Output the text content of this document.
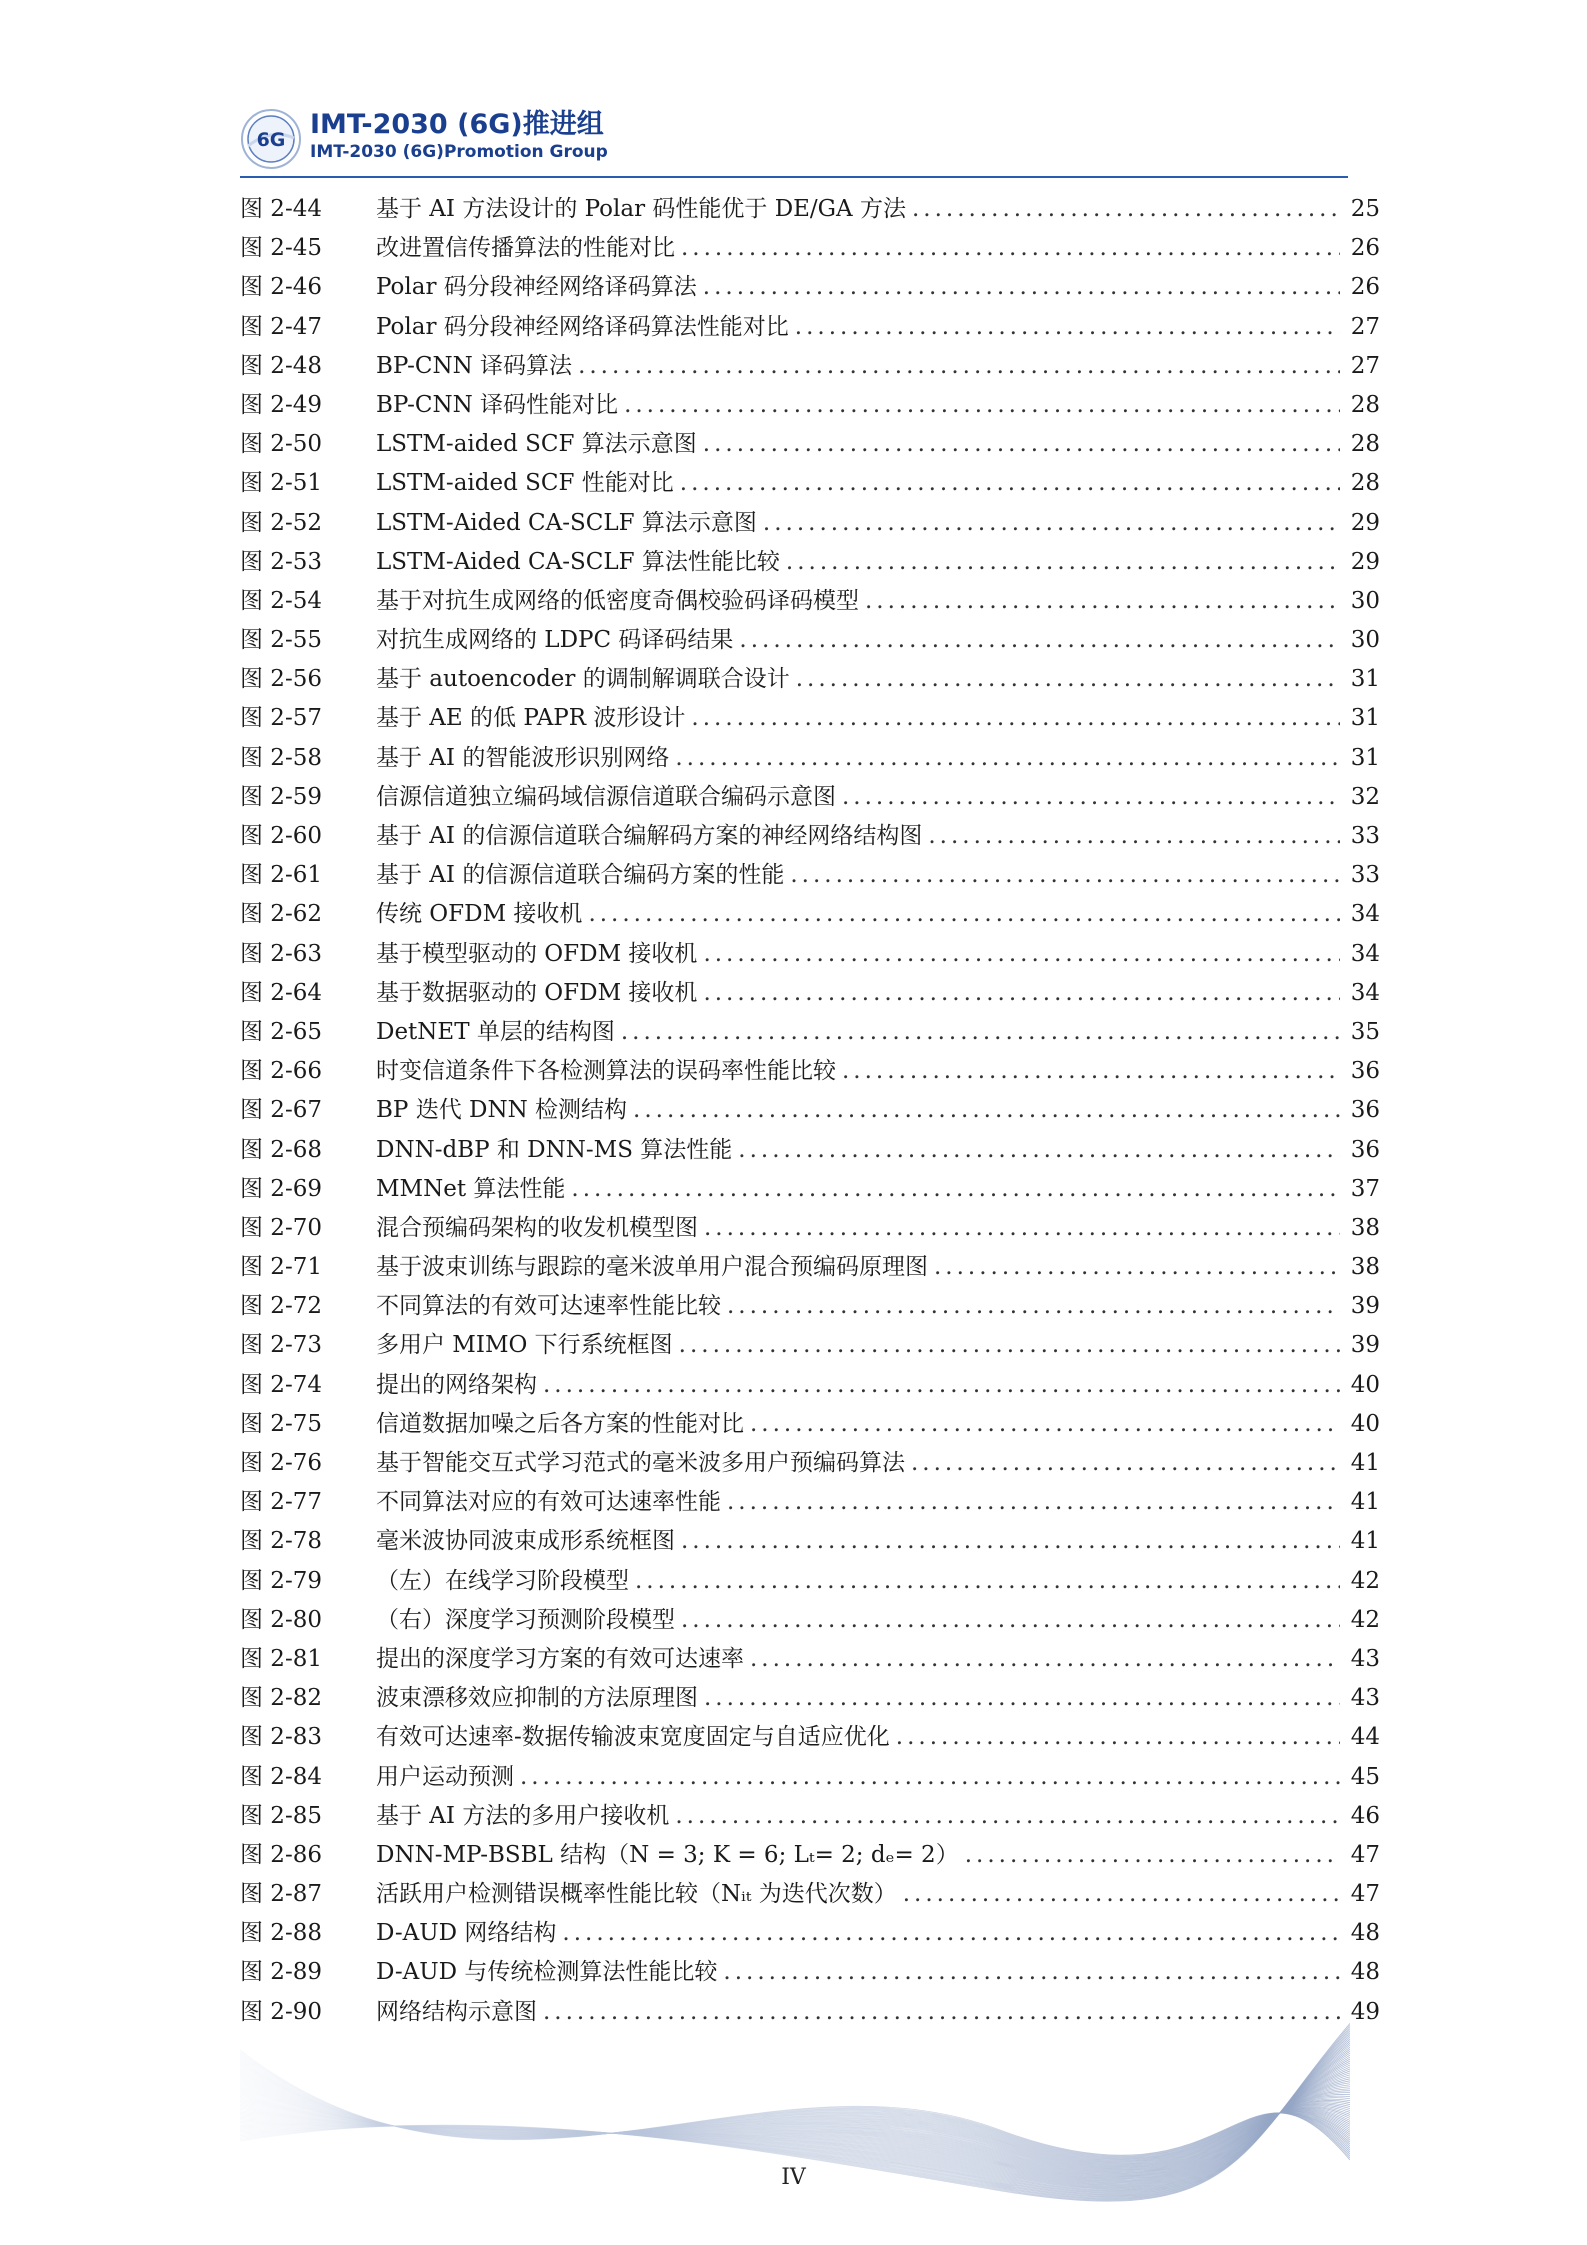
6G IMT-2030 (6G)推进组
IMT-2030 (6G)Promotion Group
图 2-44	基于 AI 方法设计的 Polar 码性能优于 DE/GA 方法 .....	25
图 2-45	改进置信传播算法的性能对比 .....	26
图 2-46	Polar 码分段神经网络译码算法 .....	26
图 2-47	Polar 码分段神经网络译码算法性能对比 .....	27
图 2-48	BP-CNN 译码算法 .....	27
图 2-49	BP-CNN 译码性能对比 .....	28
图 2-50	LSTM-aided SCF 算法示意图 .....	28
图 2-51	LSTM-aided SCF 性能对比 .....	28
图 2-52	LSTM-Aided CA-SCLF 算法示意图 .....	29
图 2-53	LSTM-Aided CA-SCLF 算法性能比较 .....	29
图 2-54	基于对抗生成网络的低密度奇偶校验码译码模型 .....	30
图 2-55	对抗生成网络的 LDPC 码译码结果 .....	30
图 2-56	基于 autoencoder 的调制解调联合设计 .....	31
图 2-57	基于 AE 的低 PAPR 波形设计 .....	31
图 2-58	基于 AI 的智能波形识别网络 .....	31
图 2-59	信源信道独立编码域信源信道联合编码示意图 .....	32
图 2-60	基于 AI 的信源信道联合编解码方案的神经网络结构图 .....	33
图 2-61	基于 AI 的信源信道联合编码方案的性能 .....	33
图 2-62	传统 OFDM 接收机 .....	34
图 2-63	基于模型驱动的 OFDM 接收机 .....	34
图 2-64	基于数据驱动的 OFDM 接收机 .....	34
图 2-65	DetNET 单层的结构图 .....	35
图 2-66	时变信道条件下各检测算法的误码率性能比较 .....	36
图 2-67	BP 迭代 DNN 检测结构 .....	36
图 2-68	DNN-dBP 和 DNN-MS 算法性能 .....	36
图 2-69	MMNet 算法性能 .....	37
图 2-70	混合预编码架构的收发机模型图 .....	38
图 2-71	基于波束训练与跟踪的毫米波单用户混合预编码原理图 .....	38
图 2-72	不同算法的有效可达速率性能比较 .....	39
图 2-73	多用户 MIMO 下行系统框图 .....	39
图 2-74	提出的网络架构 .....	40
图 2-75	信道数据加噪之后各方案的性能对比 .....	40
图 2-76	基于智能交互式学习范式的毫米波多用户预编码算法 .....	41
图 2-77	不同算法对应的有效可达速率性能 .....	41
图 2-78	毫米波协同波束成形系统框图 .....	41
图 2-79	（左）在线学习阶段模型 .....	42
图 2-80	（右）深度学习预测阶段模型 .....	42
图 2-81	提出的深度学习方案的有效可达速率 .....	43
图 2-82	波束漂移效应抑制的方法原理图 .....	43
图 2-83	有效可达速率-数据传输波束宽度固定与自适应优化 .....	44
图 2-84	用户运动预测 .....	45
图 2-85	基于 AI 方法的多用户接收机 .....	46
图 2-86	DNN-MP-BSBL 结构（N = 3; K = 6; Lₜ= 2; dₑ= 2） .....	47
图 2-87	活跃用户检测错误概率性能比较（Nᵢₜ 为迭代次数） .....	47
图 2-88	D-AUD 网络结构 .....	48
图 2-89	D-AUD 与传统检测算法性能比较 .....	48
图 2-90	网络结构示意图 .....	49
IV
